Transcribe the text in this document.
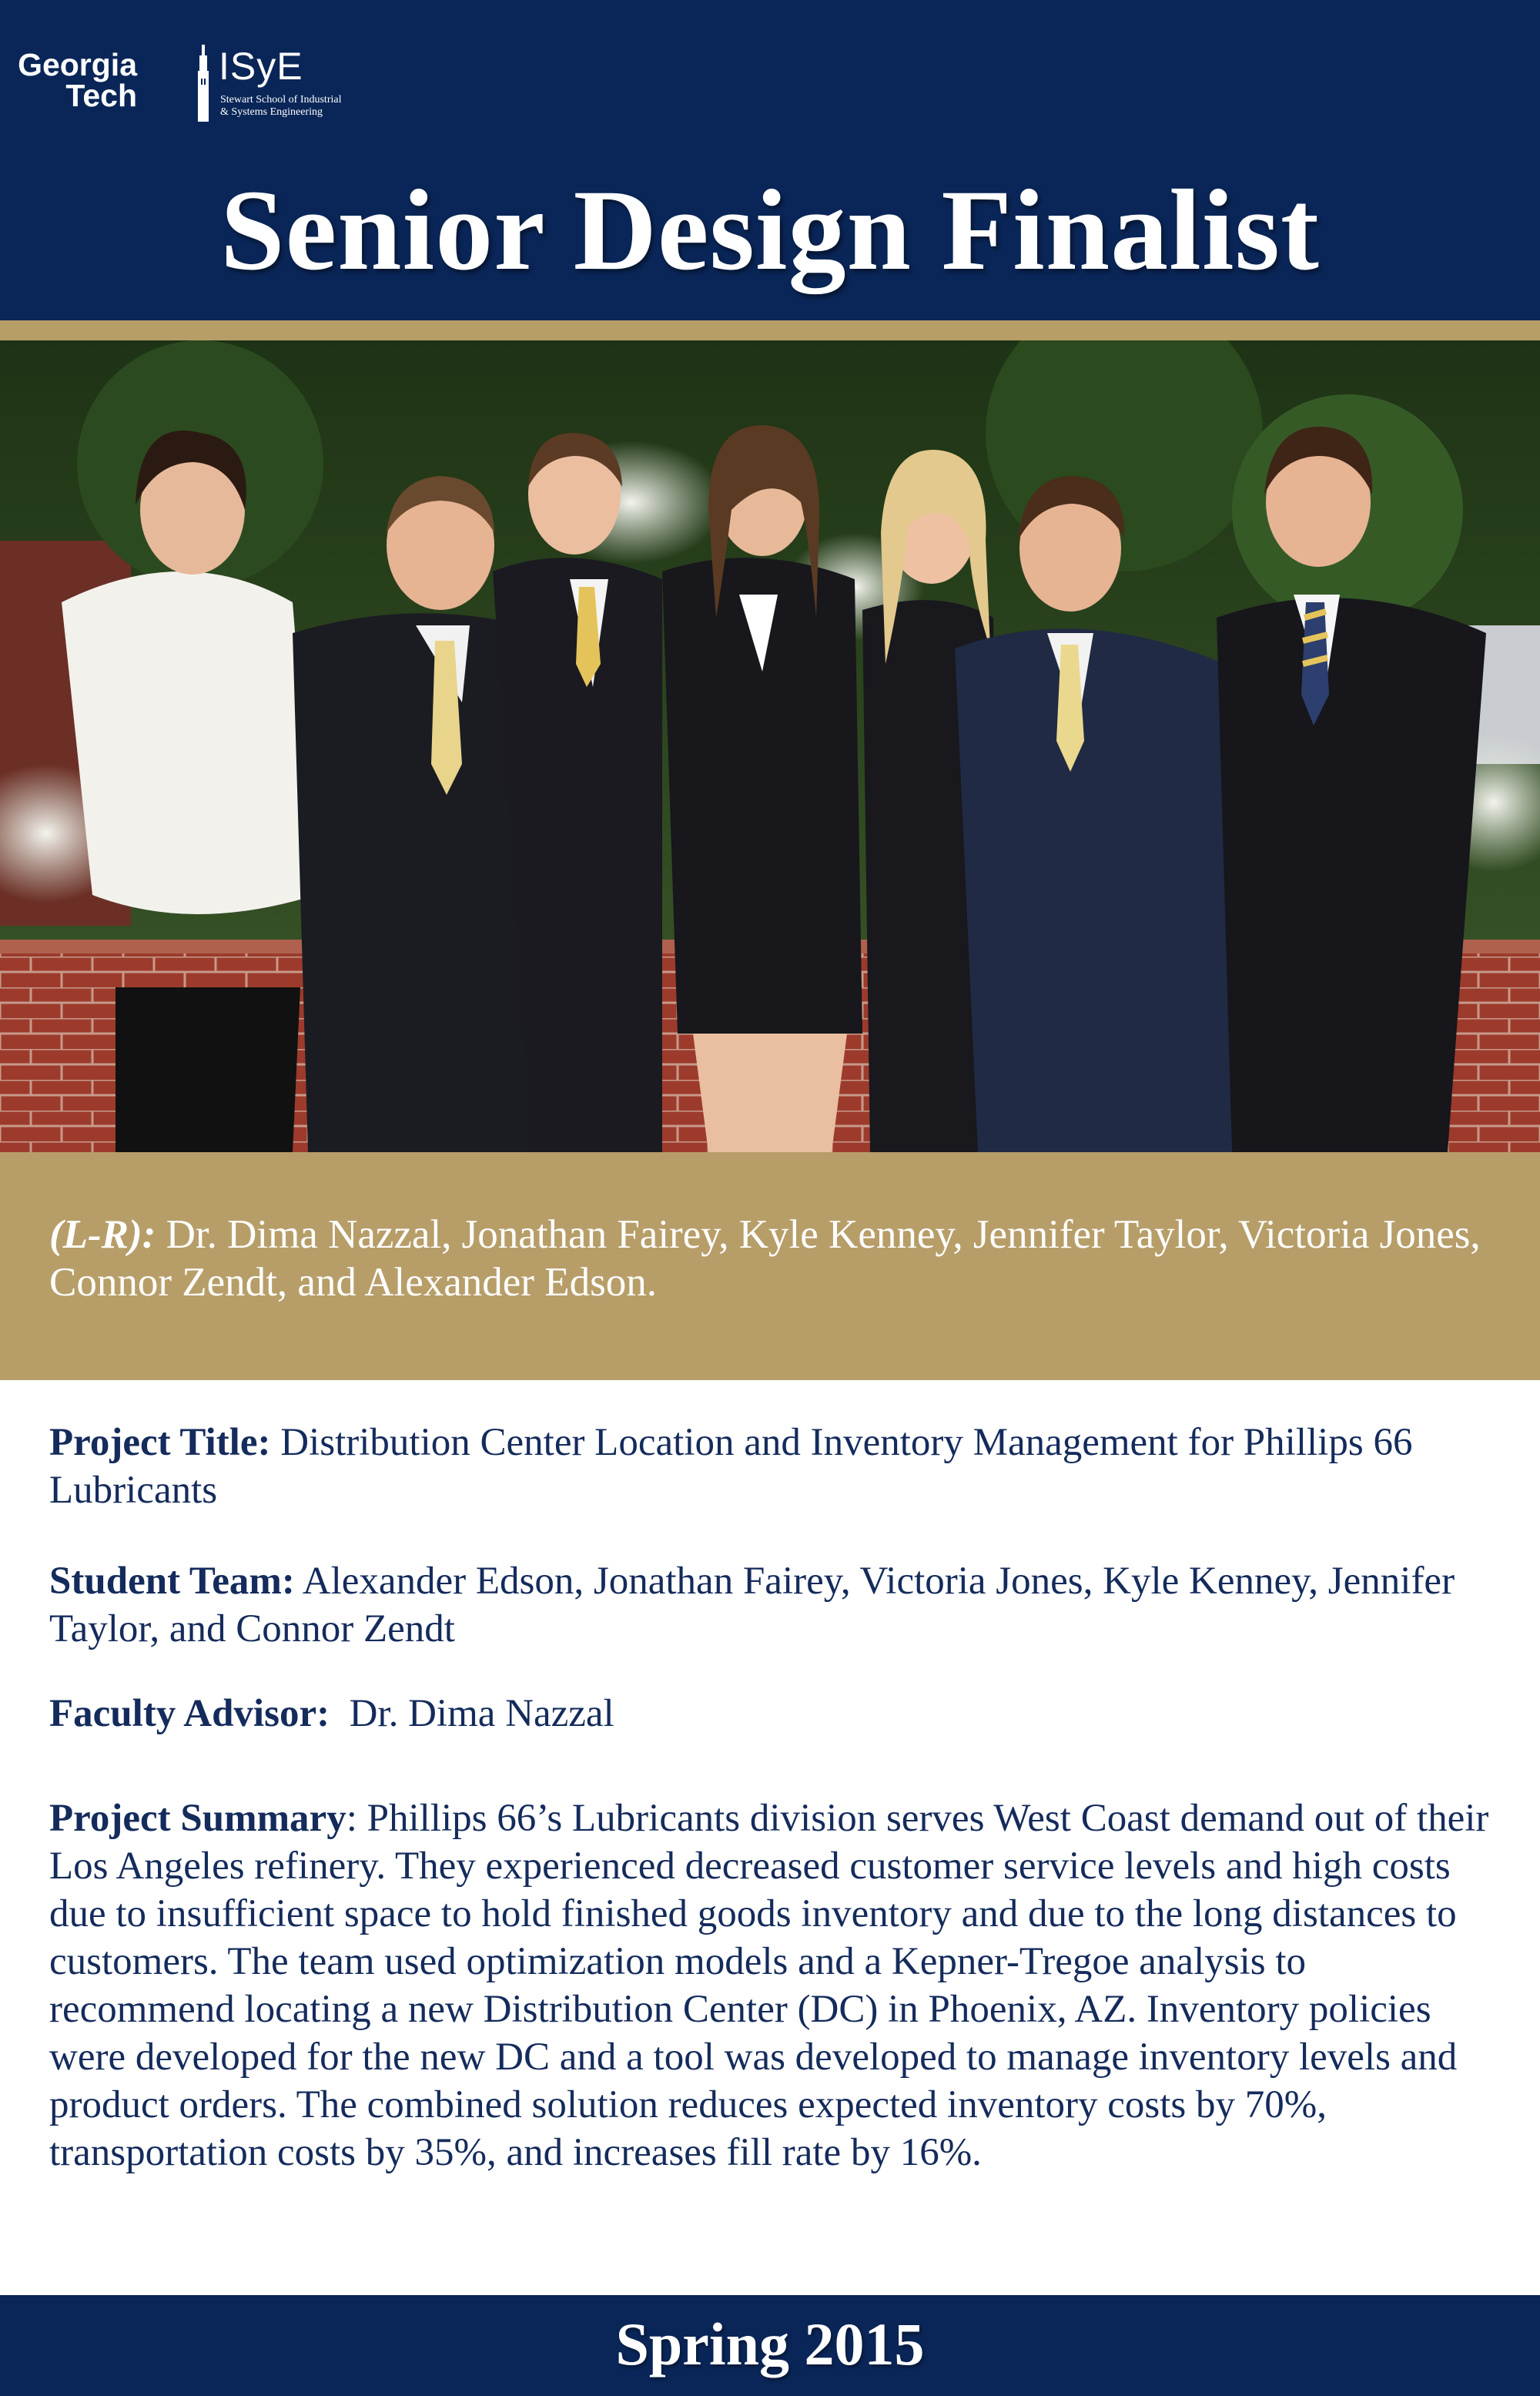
Georgia
Tech
ISyE
Stewart School of Industrial
& Systems Engineering
Senior Design Finalist
(L-R): Dr. Dima Nazzal, Jonathan Fairey, Kyle Kenney, Jennifer Taylor, Victoria Jones, Connor Zendt, and Alexander Edson.

Project Title: Distribution Center Location and Inventory Management for Phillips 66 Lubricants

Student Team: Alexander Edson, Jonathan Fairey, Victoria Jones, Kyle Kenney, Jennifer Taylor, and Connor Zendt

Faculty Advisor:  Dr. Dima Nazzal

Project Summary: Phillips 66’s Lubricants division serves West Coast demand out of their Los Angeles refinery. They experienced decreased customer service levels and high costs due to insufficient space to hold finished goods inventory and due to the long distances to customers. The team used optimization models and a Kepner-Tregoe analysis to recommend locating a new Distribution Center (DC) in Phoenix, AZ. Inventory policies were developed for the new DC and a tool was developed to manage inventory levels and product orders. The combined solution reduces expected inventory costs by 70%, transportation costs by 35%, and increases fill rate by 16%.

Spring 2015
